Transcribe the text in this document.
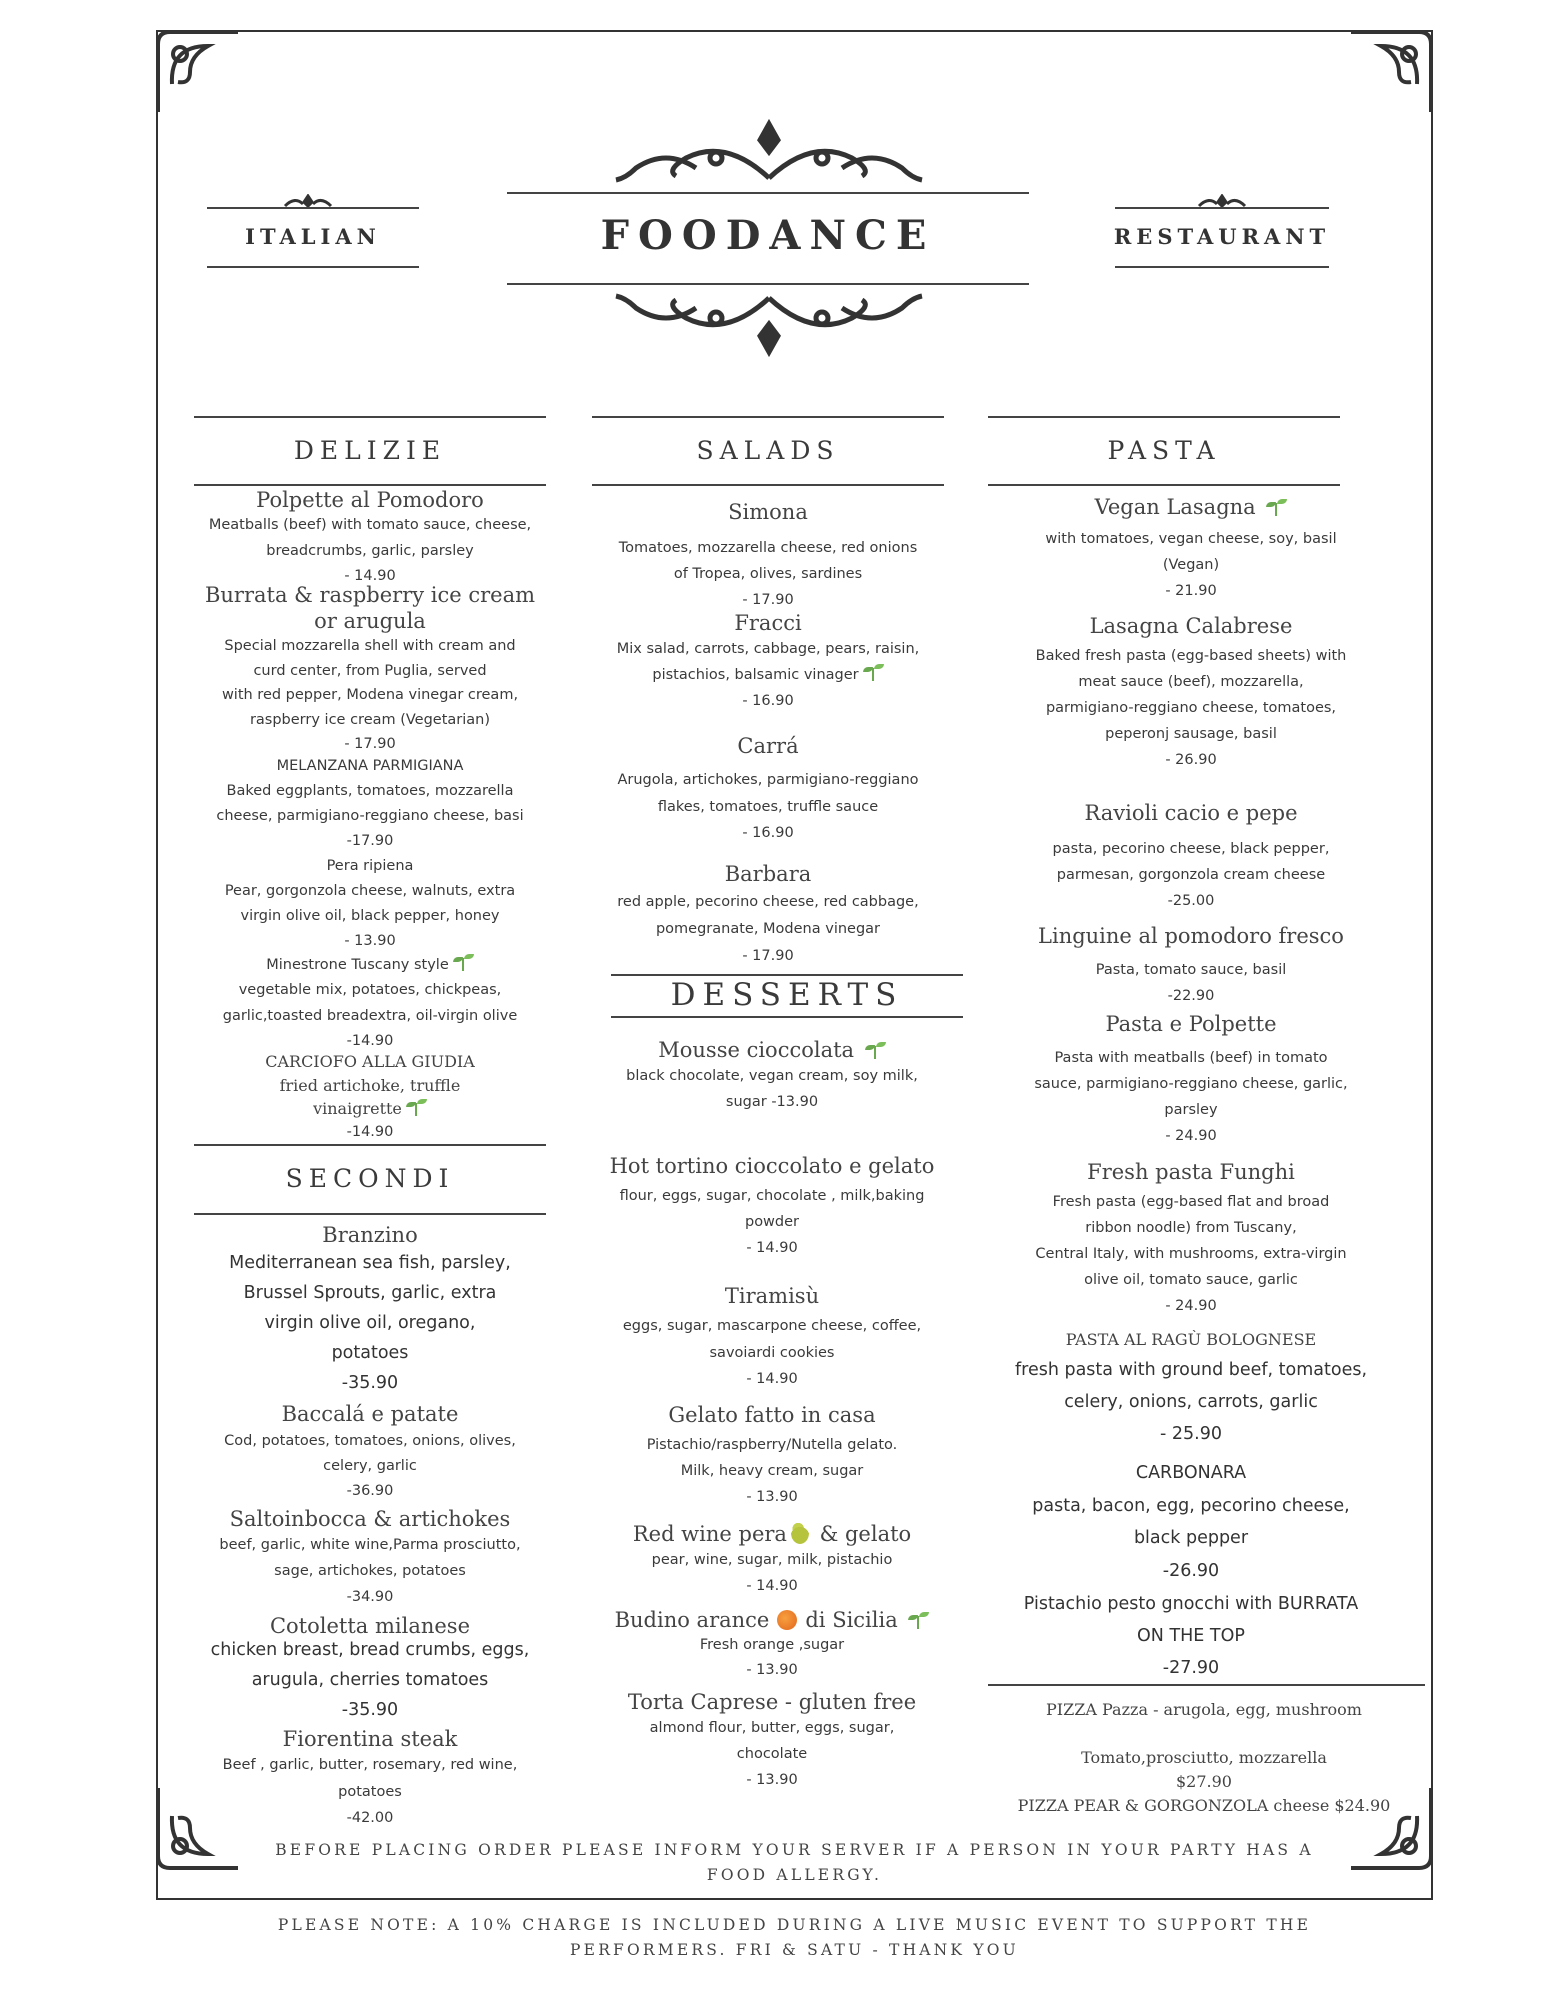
FOODANCE
ITALIAN	RESTAURANT
DELIZIE
Polpette al Pomodoro
Meatballs (beef) with tomato sauce, cheese,
breadcrumbs, garlic, parsley
- 14.90
Burrata & raspberry ice cream
or arugula
Special mozzarella shell with cream and
curd center, from Puglia, served
with red pepper, Modena vinegar cream,
raspberry ice cream (Vegetarian)
- 17.90
MELANZANA PARMIGIANA
Baked eggplants, tomatoes, mozzarella
cheese, parmigiano-reggiano cheese, basi
-17.90
Pera ripiena
Pear, gorgonzola cheese, walnuts, extra
virgin olive oil, black pepper, honey
- 13.90
Minestrone Tuscany style
vegetable mix, potatoes, chickpeas,
garlic,toasted breadextra, oil-virgin olive
-14.90
CARCIOFO ALLA GIUDIA
fried artichoke, truffle
vinaigrette
-14.90
SECONDI
Branzino
Mediterranean sea fish, parsley,
Brussel Sprouts, garlic, extra
virgin olive oil, oregano,
potatoes
-35.90
Baccalá e patate
Cod, potatoes, tomatoes, onions, olives,
celery, garlic
-36.90
Saltoinbocca & artichokes
beef, garlic, white wine,Parma prosciutto,
sage, artichokes, potatoes
-34.90
Cotoletta milanese
chicken breast, bread crumbs, eggs,
arugula, cherries tomatoes
-35.90
Fiorentina steak
Beef , garlic, butter, rosemary, red wine,
potatoes
-42.00
SALADS
Simona
Tomatoes, mozzarella cheese, red onions
of Tropea, olives, sardines
- 17.90
Fracci
Mix salad, carrots, cabbage, pears, raisin,
pistachios, balsamic vinager
- 16.90
Carrá
Arugola, artichokes, parmigiano-reggiano
flakes, tomatoes, truffle sauce
- 16.90
Barbara
red apple, pecorino cheese, red cabbage,
pomegranate, Modena vinegar
- 17.90
DESSERTS
Mousse cioccolata
black chocolate, vegan cream, soy milk,
sugar -13.90
Hot tortino cioccolato e gelato
flour, eggs, sugar, chocolate , milk,baking
powder
- 14.90
Tiramisù
eggs, sugar, mascarpone cheese, coffee,
savoiardi cookies
- 14.90
Gelato fatto in casa
Pistachio/raspberry/Nutella gelato.
Milk, heavy cream, sugar
- 13.90
Red wine pera & gelato
pear, wine, sugar, milk, pistachio
- 14.90
Budino arance di Sicilia
Fresh orange ,sugar
- 13.90
Torta Caprese - gluten free
almond flour, butter, eggs, sugar,
chocolate
- 13.90
PASTA
Vegan Lasagna
with tomatoes, vegan cheese, soy, basil
(Vegan)
- 21.90
Lasagna Calabrese
Baked fresh pasta (egg-based sheets) with
meat sauce (beef), mozzarella,
parmigiano-reggiano cheese, tomatoes,
peperonj sausage, basil
- 26.90
Ravioli cacio e pepe
pasta, pecorino cheese, black pepper,
parmesan, gorgonzola cream cheese
-25.00
Linguine al pomodoro fresco
Pasta, tomato sauce, basil
-22.90
Pasta e Polpette
Pasta with meatballs (beef) in tomato
sauce, parmigiano-reggiano cheese, garlic,
parsley
- 24.90
Fresh pasta Funghi
Fresh pasta (egg-based flat and broad
ribbon noodle) from Tuscany,
Central Italy, with mushrooms, extra-virgin
olive oil, tomato sauce, garlic
- 24.90
PASTA AL RAGÙ BOLOGNESE
fresh pasta with ground beef, tomatoes,
celery, onions, carrots, garlic
- 25.90
CARBONARA
pasta, bacon, egg, pecorino cheese,
black pepper
-26.90
Pistachio pesto gnocchi with BURRATA
ON THE TOP
-27.90
PIZZA Pazza - arugola, egg, mushroom
Tomato,prosciutto, mozzarella
$27.90
PIZZA PEAR & GORGONZOLA cheese $24.90
BEFORE PLACING ORDER PLEASE INFORM YOUR SERVER IF A PERSON IN YOUR PARTY HAS A
FOOD ALLERGY.
PLEASE NOTE: A 10% CHARGE IS INCLUDED DURING A LIVE MUSIC EVENT TO SUPPORT THE
PERFORMERS. FRI & SATU - THANK YOU
